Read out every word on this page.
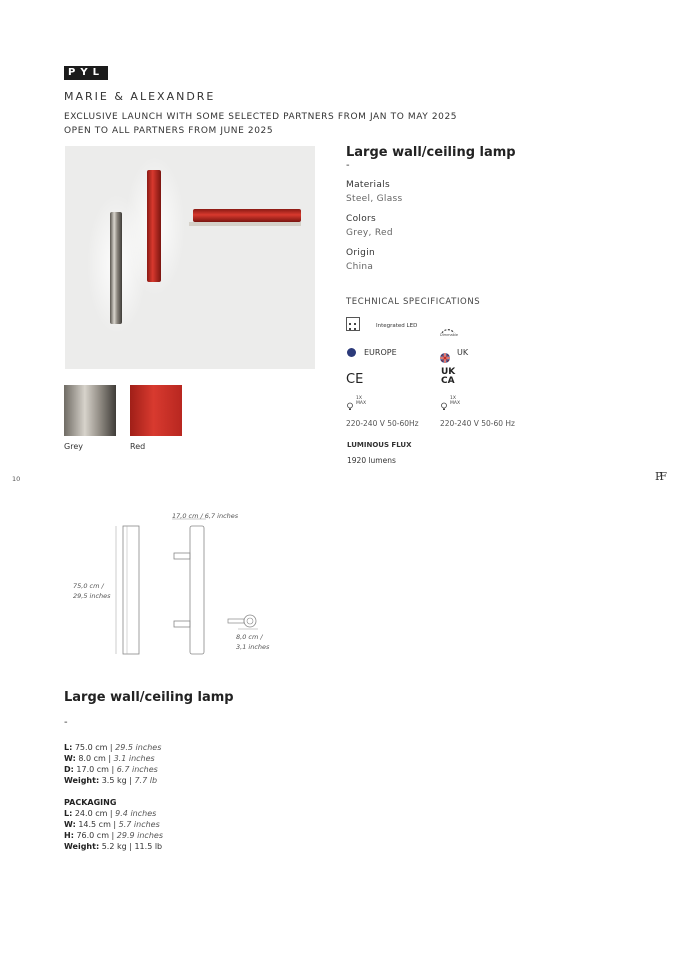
PYL
MARIE & ALEXANDRE
EXCLUSIVE LAUNCH WITH SOME SELECTED PARTNERS FROM JAN TO MAY 2025
OPEN TO ALL PARTNERS FROM JUNE 2025
Grey	Red
Large wall/ceiling lamp
-
Materials
Steel, Glass
Colors
Grey, Red
Origin
China
TECHNICAL SPECIFICATIONS
Integrated LED
Dimmable
EUROPE	UK
CE	UK
CA
1X
MAX
1X
MAX
220-240 V 50-60Hz	220-240 V 50-60 Hz
LUMINOUS FLUX
1920 lumens
10	PF
17,0 cm / 6,7 inches
75,0 cm /
29,5 inches
8,0 cm /
3,1 inches
Large wall/ceiling lamp
-
L: 75.0 cm | 29.5 inches
W: 8.0 cm | 3.1 inches
D: 17.0 cm | 6.7 inches
Weight: 3.5 kg | 7.7 lb
PACKAGING
L: 24.0 cm | 9.4 inches
W: 14.5 cm | 5.7 inches
H: 76.0 cm | 29.9 inches
Weight: 5.2 kg | 11.5 lb
